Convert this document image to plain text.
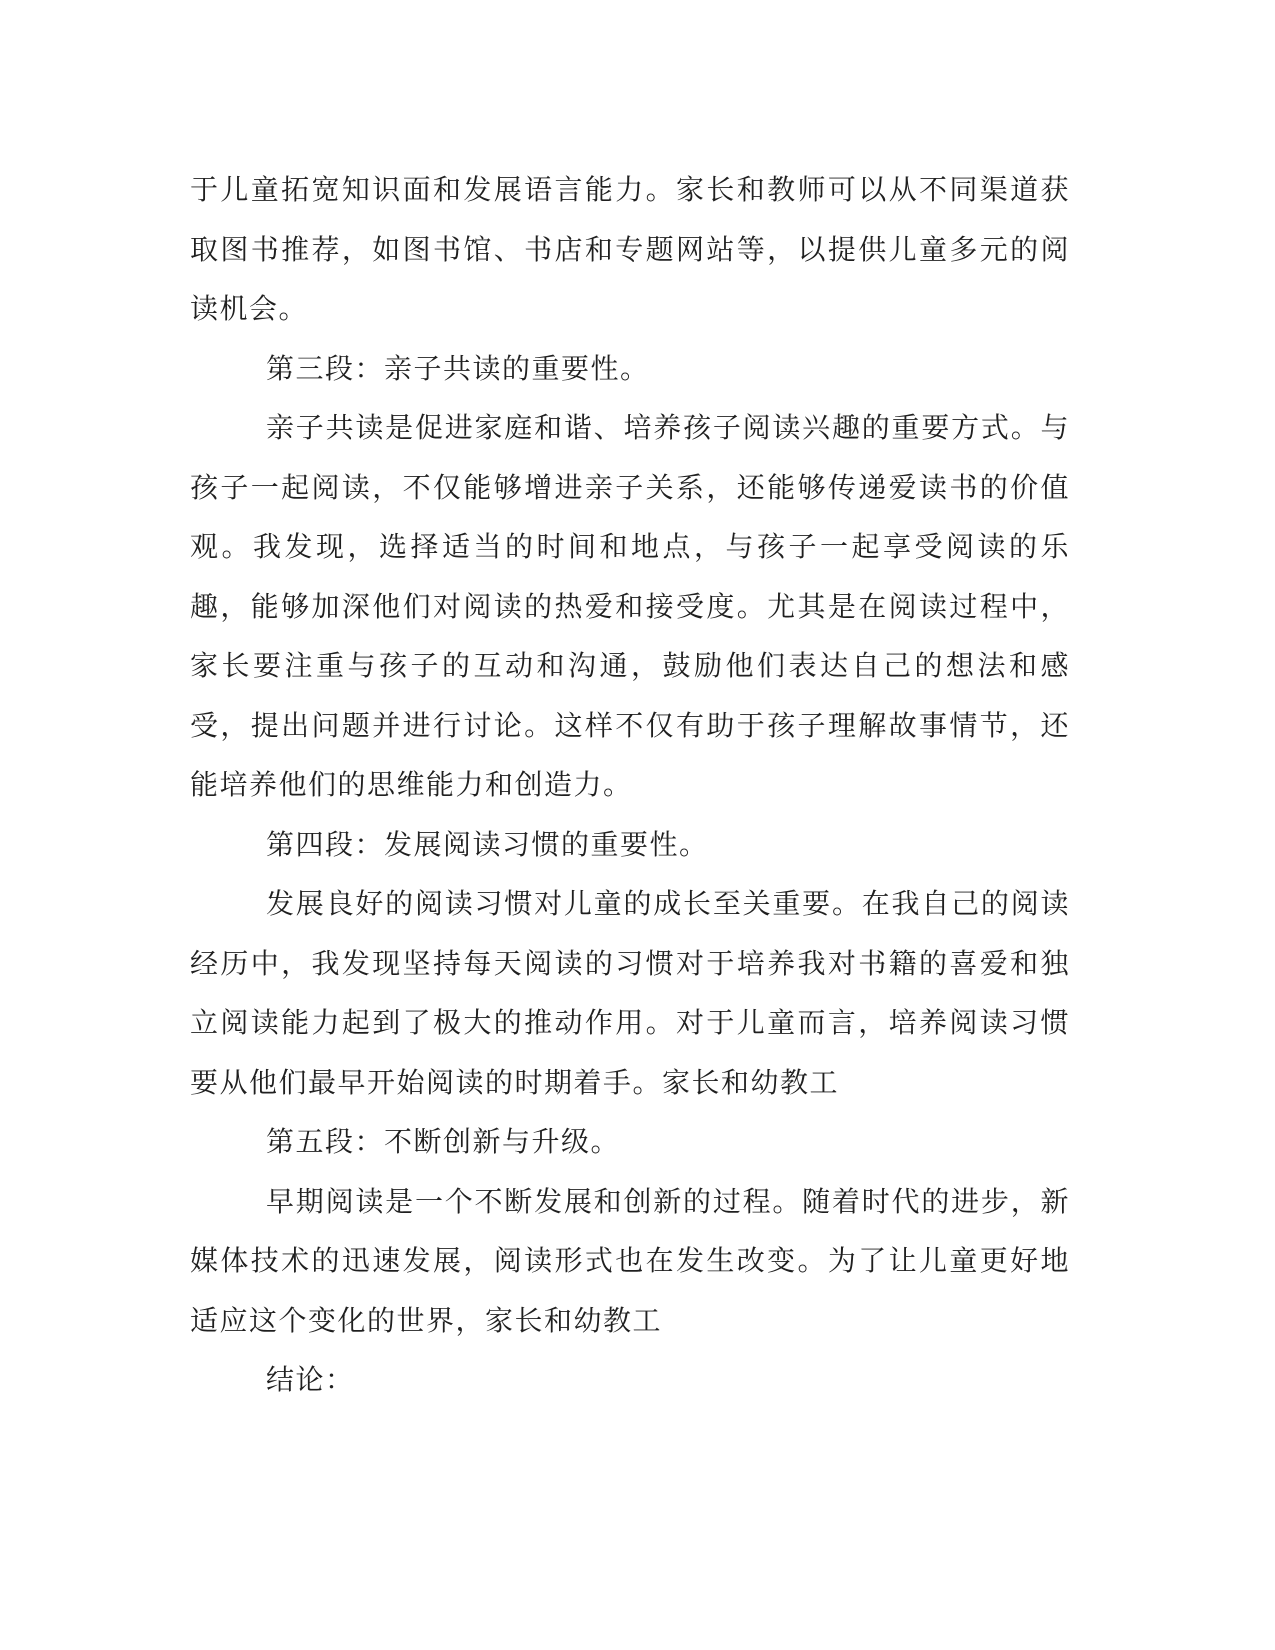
于儿童拓宽知识面和发展语言能力。家长和教师可以从不同渠道获取图书推荐，如图书馆、书店和专题网站等，以提供儿童多元的阅读机会。

第三段：亲子共读的重要性。

亲子共读是促进家庭和谐、培养孩子阅读兴趣的重要方式。与孩子一起阅读，不仅能够增进亲子关系，还能够传递爱读书的价值观。我发现，选择适当的时间和地点，与孩子一起享受阅读的乐趣，能够加深他们对阅读的热爱和接受度。尤其是在阅读过程中，家长要注重与孩子的互动和沟通，鼓励他们表达自己的想法和感受，提出问题并进行讨论。这样不仅有助于孩子理解故事情节，还能培养他们的思维能力和创造力。

第四段：发展阅读习惯的重要性。

发展良好的阅读习惯对儿童的成长至关重要。在我自己的阅读经历中，我发现坚持每天阅读的习惯对于培养我对书籍的喜爱和独立阅读能力起到了极大的推动作用。对于儿童而言，培养阅读习惯要从他们最早开始阅读的时期着手。家长和幼教工

第五段：不断创新与升级。

早期阅读是一个不断发展和创新的过程。随着时代的进步，新媒体技术的迅速发展，阅读形式也在发生改变。为了让儿童更好地适应这个变化的世界，家长和幼教工

结论：
